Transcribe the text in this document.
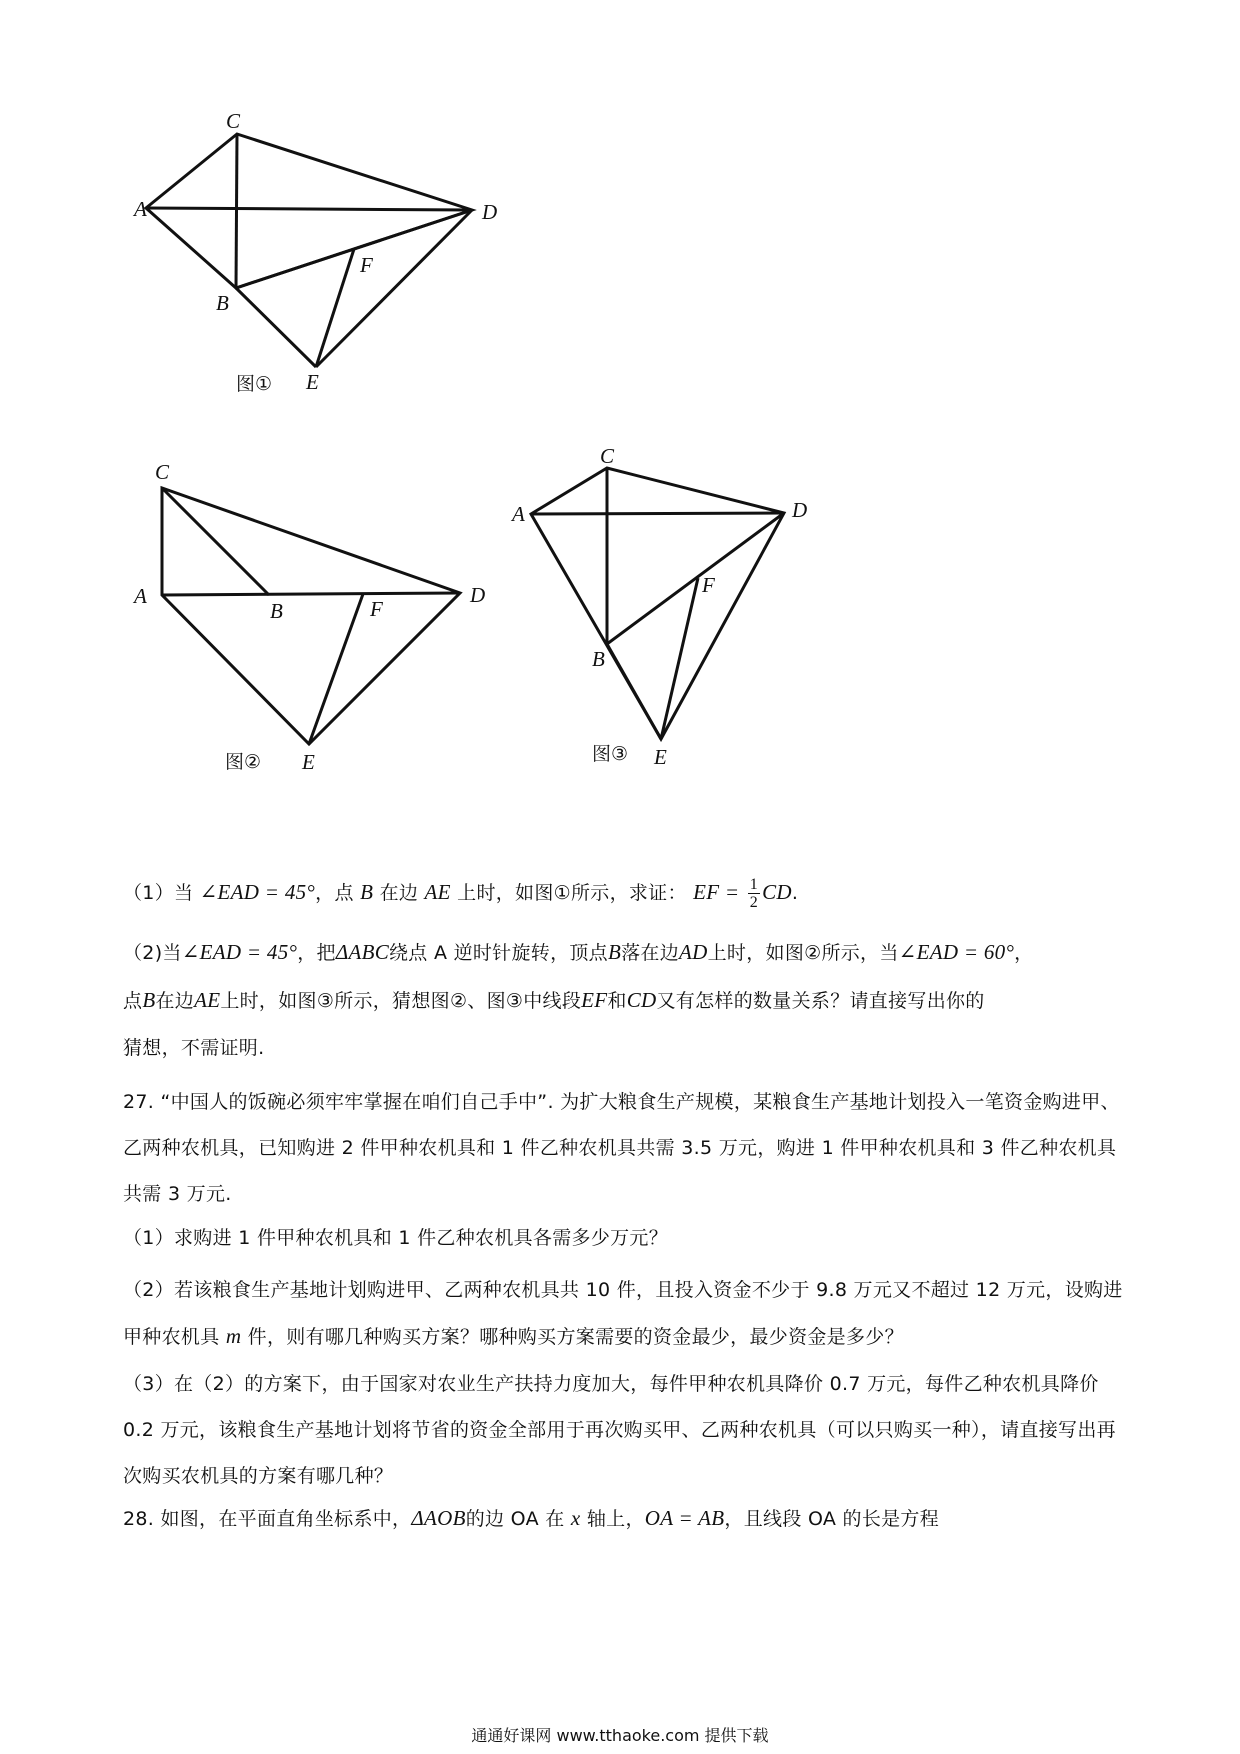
C
A	D
F
B
E
图①
C
A
B	F
D
E
图②
C
A	D
F
B
E
图③
（1）当 ∠EAD = 45°，点 B 在边 AE 上时，如图①所示，求证： EF = $\frac{1}{2}$ CD.
（2)当∠EAD = 45°，把ΔABC绕点 A 逆时针旋转，顶点B落在边AD上时，如图②所示，当∠EAD = 60°，
点B在边AE上时，如图③所示，猜想图②、图③中线段EF和CD又有怎样的数量关系？请直接写出你的
猜想，不需证明.
27. “中国人的饭碗必须牢牢掌握在咱们自己手中”. 为扩大粮食生产规模，某粮食生产基地计划投入一笔资金购进甲、乙两种农机具，已知购进 2 件甲种农机具和 1 件乙种农机具共需 3.5 万元，购进 1 件甲种农机具和 3 件乙种农机具共需 3 万元.
（1）求购进 1 件甲种农机具和 1 件乙种农机具各需多少万元？
（2）若该粮食生产基地计划购进甲、乙两种农机具共 10 件，且投入资金不少于 9.8 万元又不超过 12 万元，设购进甲种农机具 m 件，则有哪几种购买方案？哪种购买方案需要的资金最少，最少资金是多少？
（3）在（2）的方案下，由于国家对农业生产扶持力度加大，每件甲种农机具降价 0.7 万元，每件乙种农机具降价 0.2 万元，该粮食生产基地计划将节省的资金全部用于再次购买甲、乙两种农机具（可以只购买一种），请直接写出再次购买农机具的方案有哪几种？
28. 如图，在平面直角坐标系中，ΔAOB的边 OA 在 x 轴上，OA = AB，且线段 OA 的长是方程
通通好课网 www.tthaoke.com 提供下载
